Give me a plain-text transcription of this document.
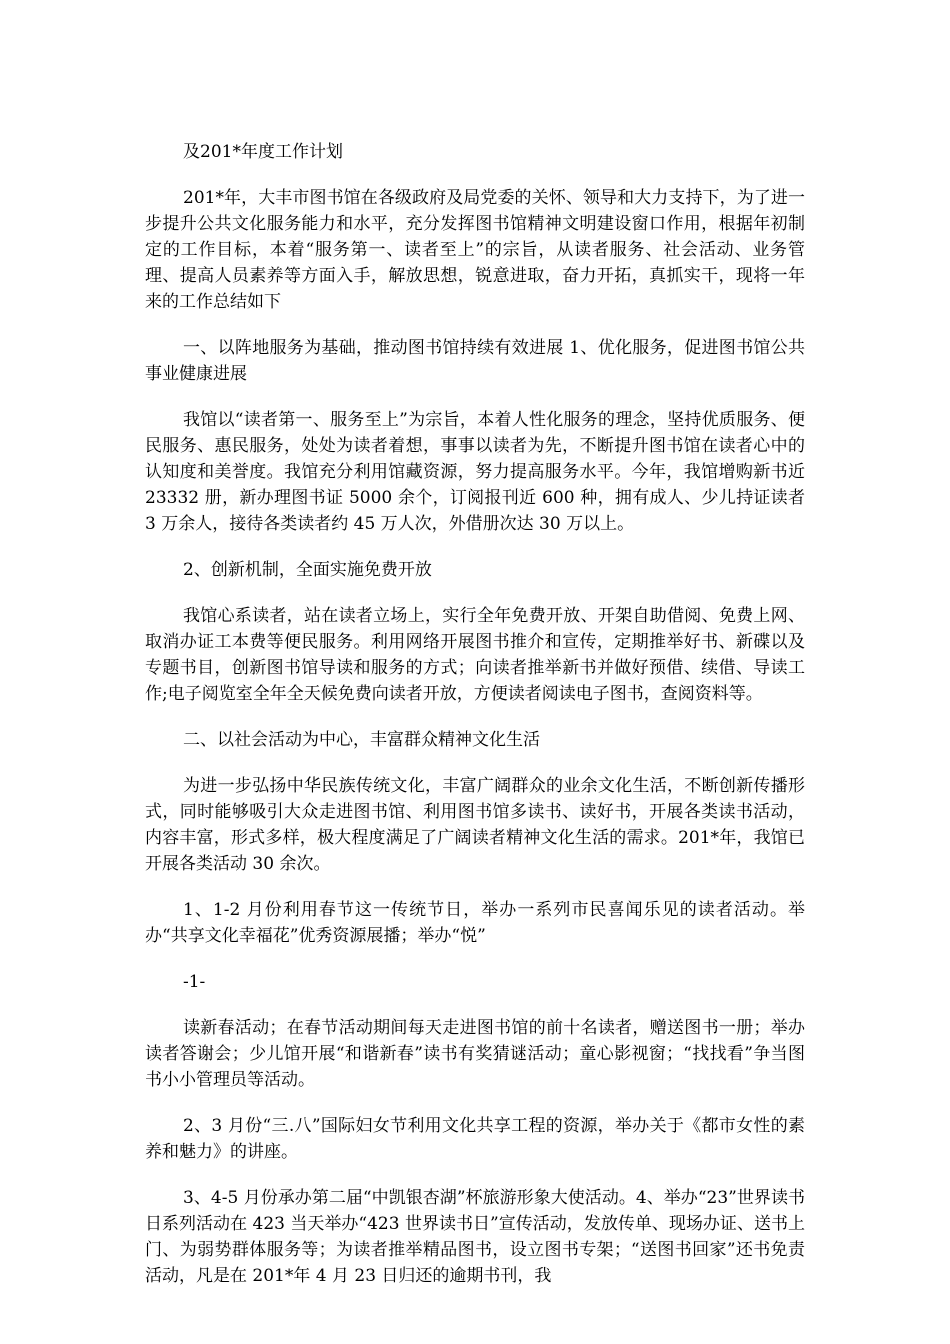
及201*年度工作计划

201*年，大丰市图书馆在各级政府及局党委的关怀、领导和大力支持下，为了进一步提升公共文化服务能力和水平，充分发挥图书馆精神文明建设窗口作用，根据年初制定的工作目标，本着“服务第一、读者至上”的宗旨，从读者服务、社会活动、业务管理、提高人员素养等方面入手，解放思想，锐意进取，奋力开拓，真抓实干，现将一年来的工作总结如下

一、以阵地服务为基础，推动图书馆持续有效进展 1、优化服务，促进图书馆公共事业健康进展

我馆以“读者第一、服务至上”为宗旨，本着人性化服务的理念，坚持优质服务、便民服务、惠民服务，处处为读者着想，事事以读者为先，不断提升图书馆在读者心中的认知度和美誉度。我馆充分利用馆藏资源，努力提高服务水平。今年，我馆增购新书近 23332 册，新办理图书证 5000 余个，订阅报刊近 600 种，拥有成人、少儿持证读者 3 万余人，接待各类读者约 45 万人次，外借册次达 30 万以上。

2、创新机制，全面实施免费开放

我馆心系读者，站在读者立场上，实行全年免费开放、开架自助借阅、免费上网、取消办证工本费等便民服务。利用网络开展图书推介和宣传，定期推举好书、新碟以及专题书目，创新图书馆导读和服务的方式；向读者推举新书并做好预借、续借、导读工作;电子阅览室全年全天候免费向读者开放，方便读者阅读电子图书，查阅资料等。

二、以社会活动为中心，丰富群众精神文化生活

为进一步弘扬中华民族传统文化，丰富广阔群众的业余文化生活，不断创新传播形式，同时能够吸引大众走进图书馆、利用图书馆多读书、读好书，开展各类读书活动，内容丰富，形式多样，极大程度满足了广阔读者精神文化生活的需求。201*年，我馆已开展各类活动 30 余次。

1、1-2 月份利用春节这一传统节日，举办一系列市民喜闻乐见的读者活动。举办“共享文化幸福花”优秀资源展播；举办“悦”

-1-

读新春活动；在春节活动期间每天走进图书馆的前十名读者，赠送图书一册；举办读者答谢会；少儿馆开展“和谐新春”读书有奖猜谜活动；童心影视窗；“找找看”争当图书小小管理员等活动。

2、3 月份“三.八”国际妇女节利用文化共享工程的资源，举办关于《都市女性的素养和魅力》的讲座。

3、4-5 月份承办第二届“中凯银杏湖”杯旅游形象大使活动。4、举办“23”世界读书日系列活动在 423 当天举办“423 世界读书日”宣传活动，发放传单、现场办证、送书上门、为弱势群体服务等；为读者推举精品图书，设立图书专架；“送图书回家”还书免责活动，凡是在 201*年 4 月 23 日归还的逾期书刊，我
